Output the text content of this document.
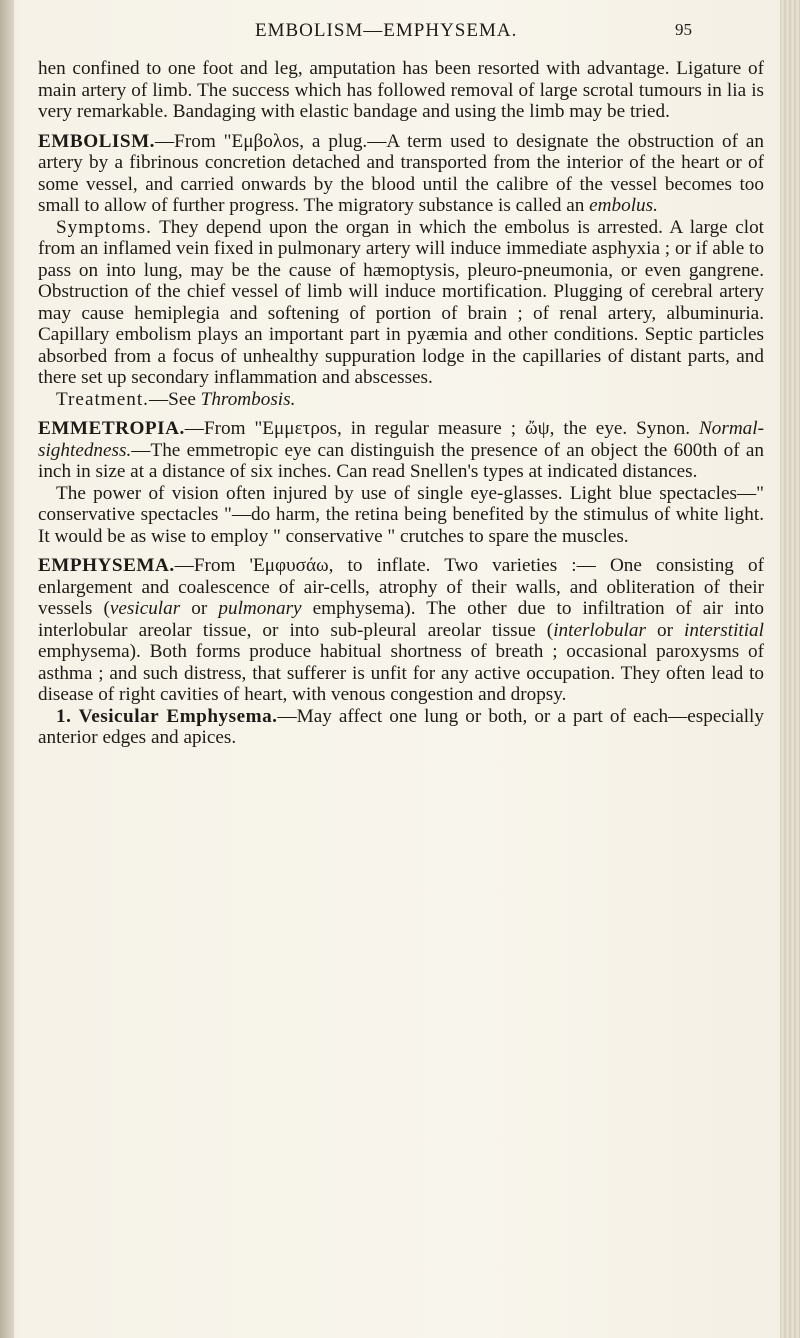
EMBOLISM—EMPHYSEMA.	95

hen confined to one foot and leg, amputation has been resorted with advantage. Ligature of main artery of limb. The success which has followed removal of large scrotal tumours in lia is very remarkable. Bandaging with elastic bandage and using the limb may be tried.

EMBOLISM.—From "Eμβoλos, a plug.—A term used to designate the obstruction of an artery by a fibrinous concretion detached and transported from the interior of the heart or of some vessel, and carried onwards by the blood until the calibre of the vessel becomes too small to allow of further progress. The migratory substance is called an embolus.

Symptoms. They depend upon the organ in which the embolus is arrested. A large clot from an inflamed vein fixed in pulmonary artery will induce immediate asphyxia ; or if able to pass on into lung, may be the cause of hæmoptysis, pleuro-pneumonia, or even gangrene. Obstruction of the chief vessel of limb will induce mortification. Plugging of cerebral artery may cause hemiplegia and softening of portion of brain ; of renal artery, albuminuria. Capillary embolism plays an important part in pyæmia and other conditions. Septic particles absorbed from a focus of unhealthy suppuration lodge in the capillaries of distant parts, and there set up secondary inflammation and abscesses.

Treatment.—See Thrombosis.

EMMETROPIA.—From "Eμμετρos, in regular measure ; ὤψ, the eye. Synon. Normal-sightedness.—The emmetropic eye can distinguish the presence of an object the 600th of an inch in size at a distance of six inches. Can read Snellen's types at indicated distances.

The power of vision often injured by use of single eye-glasses. Light blue spectacles—" conservative spectacles "—do harm, the retina being benefited by the stimulus of white light. It would be as wise to employ " conservative " crutches to spare the muscles.

EMPHYSEMA.—From 'Eμφυσάω, to inflate. Two varieties :— One consisting of enlargement and coalescence of air-cells, atrophy of their walls, and obliteration of their vessels (vesicular or pulmonary emphysema). The other due to infiltration of air into interlobular areolar tissue, or into sub-pleural areolar tissue (interlobular or interstitial emphysema). Both forms produce habitual shortness of breath ; occasional paroxysms of asthma ; and such distress, that sufferer is unfit for any active occupation. They often lead to disease of right cavities of heart, with venous congestion and dropsy.

1. Vesicular Emphysema.—May affect one lung or both, or a part of each—especially anterior edges and apices.
